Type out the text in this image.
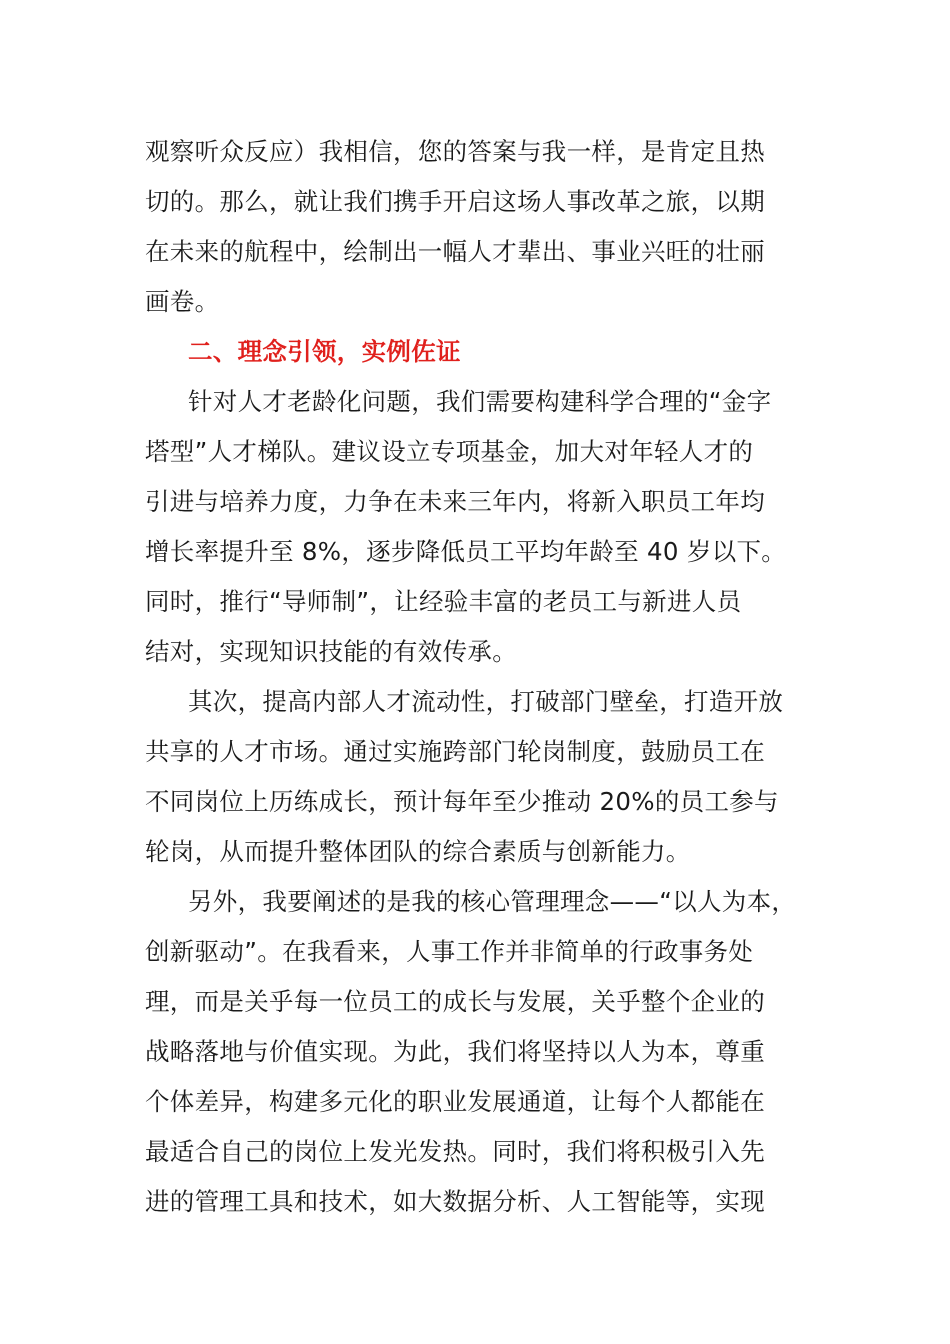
观察听众反应）我相信，您的答案与我一样，是肯定且热
切的。那么，就让我们携手开启这场人事改革之旅，以期
在未来的航程中，绘制出一幅人才辈出、事业兴旺的壮丽
画卷。
二、理念引领，实例佐证
针对人才老龄化问题，我们需要构建科学合理的“金字
塔型”人才梯队。建议设立专项基金，加大对年轻人才的
引进与培养力度，力争在未来三年内，将新入职员工年均
增长率提升至 8%，逐步降低员工平均年龄至 40 岁以下。
同时，推行“导师制”，让经验丰富的老员工与新进人员
结对，实现知识技能的有效传承。
其次，提高内部人才流动性，打破部门壁垒，打造开放
共享的人才市场。通过实施跨部门轮岗制度，鼓励员工在
不同岗位上历练成长，预计每年至少推动 20%的员工参与
轮岗，从而提升整体团队的综合素质与创新能力。
另外，我要阐述的是我的核心管理理念——“以人为本，
创新驱动”。在我看来，人事工作并非简单的行政事务处
理，而是关乎每一位员工的成长与发展，关乎整个企业的
战略落地与价值实现。为此，我们将坚持以人为本，尊重
个体差异，构建多元化的职业发展通道，让每个人都能在
最适合自己的岗位上发光发热。同时，我们将积极引入先
进的管理工具和技术，如大数据分析、人工智能等，实现
